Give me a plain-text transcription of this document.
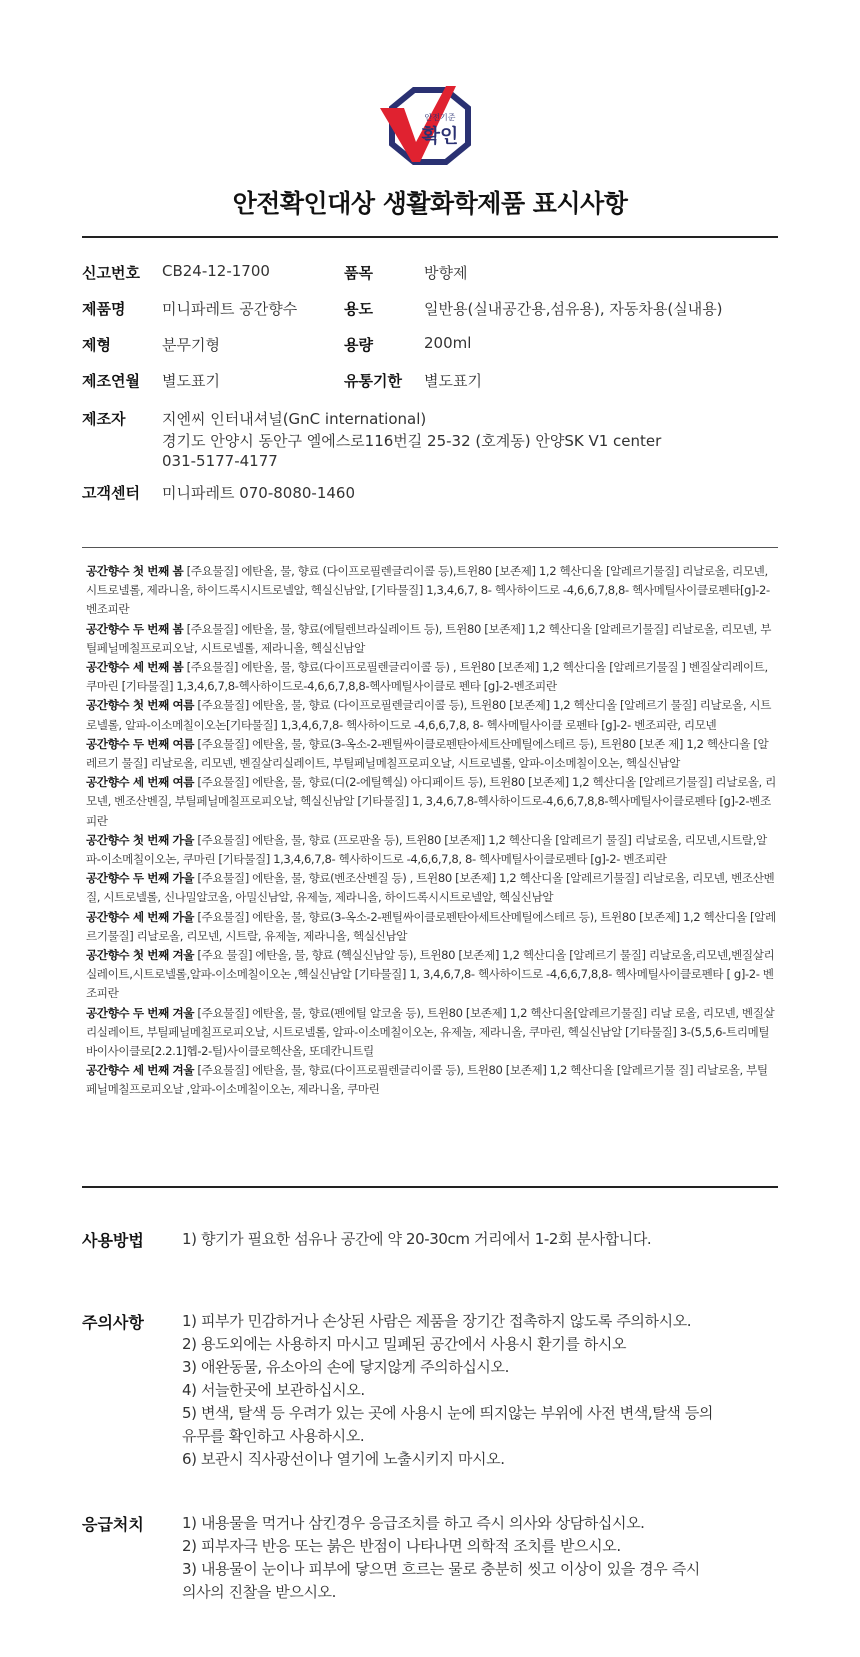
안전기준
확인
안전확인대상 생활화학제품 표시사항
신고번호 CB24-12-1700	품목	방향제
제품명 미니파레트 공간향수	용도	일반용(실내공간용,섬유용), 자동차용(실내용)
제형	분무기형	용량	200ml
제조연월 별도표기	유통기한 별도표기
제조자 지엔씨 인터내셔널(GnC international)
경기도 안양시 동안구 엘에스로116번길 25-32 (호계동) 안양SK V1 center
031-5177-4177
고객센터 미니파레트 070-8080-1460

공간향수 첫 번째 봄 [주요물질] 에탄올, 물, 향료 (다이프로필렌글리이콜 등),트윈80 [보존제] 1,2 헥산디올 [알레르기물질] 리날로올, 리모넨, 시트로넬롤, 제라니올, 하이드록시시트로넬알, 헥실신남알, [기타물질] 1,3,4,6,7, 8- 헥사하이드로 -4,6,6,7,8,8- 헥사메틸사이클로펜타[g]-2- 벤조피란

공간향수 두 번째 봄 [주요물질] 에탄올, 물, 향료(에틸렌브라실레이트 등), 트윈80 [보존제] 1,2 헥산디올 [알레르기물질] 리날로올, 리모넨, 부틸페닐메칠프로피오날, 시트로넬롤, 제라니올, 헥실신남알

공간향수 세 번째 봄 [주요물질] 에탄올, 물, 향료(다이프로필렌글리이콜 등) , 트윈80 [보존제] 1,2 헥산디올 [알레르기물질 ] 벤질살리레이트,쿠마린 [기타물질] 1,3,4,6,7,8-헥사하이드로-4,6,6,7,8,8-헥사메틸사이클로 펜타 [g]-2-벤조피란

공간향수 첫 번째 여름 [주요물질] 에탄올, 물, 향료 (다이프로필렌글리이콜 등), 트윈80 [보존제] 1,2 헥산디올 [알레르기 물질] 리날로올, 시트로넬롤, 알파-이소메칠이오논[기타물질] 1,3,4,6,7,8- 헥사하이드로 -4,6,6,7,8, 8- 헥사메틸사이클 로펜타 [g]-2- 벤조피란, 리모넨

공간향수 두 번째 여름 [주요물질] 에탄올, 물, 향료(3-옥소-2-펜틸싸이클로펜탄아세트산메틸에스테르 등), 트윈80 [보존 제] 1,2 헥산디올 [알레르기 물질] 리날로올, 리모넨, 벤질살리실레이트, 부틸페닐메칠프로피오날, 시트로넬롤, 알파-이소메칠이오논, 헥실신남알

공간향수 세 번째 여름 [주요물질] 에탄올, 물, 향료(디(2-에틸헥실) 아디페이트 등), 트윈80 [보존제] 1,2 헥산디올 [알레르기물질] 리날로올, 리모넨, 벤조산벤질, 부틸페닐메칠프로피오날, 헥실신남알 [기타물질] 1, 3,4,6,7,8-헥사하이드로-4,6,6,7,8,8-헥사메틸사이클로펜타 [g]-2-벤조피란

공간향수 첫 번째 가을 [주요물질] 에탄올, 물, 향료 (프로판올 등), 트윈80 [보존제] 1,2 헥산디올 [알레르기 물질] 리날로올, 리모넨,시트랄,알파-이소메칠이오논, 쿠마린 [기타물질] 1,3,4,6,7,8- 헥사하이드로 -4,6,6,7,8, 8- 헥사메틸사이클로펜타 [g]-2- 벤조피란

공간향수 두 번째 가을 [주요물질] 에탄올, 물, 향료(벤조산벤질 등) , 트윈80 [보존제] 1,2 헥산디올 [알레르기물질] 리날로올, 리모넨, 벤조산벤질, 시트로넬롤, 신나밀알코올, 아밀신남알, 유제놀, 제라니올, 하이드록시시트로넬알, 헥실신남알

공간향수 세 번째 가을 [주요물질] 에탄올, 물, 향료(3-옥소-2-펜틸싸이클로펜탄아세트산메틸에스테르 등), 트윈80 [보존제] 1,2 헥산디올 [알레르기물질] 리날로올, 리모넨, 시트랄, 유제놀, 제라니올, 헥실신남알

공간향수 첫 번째 겨울 [주요 물질] 에탄올, 물, 향료 (헥실신남알 등), 트윈80 [보존제] 1,2 헥산디올 [알레르기 물질] 리날로올,리모넨,벤질살리실레이트,시트로넬롤,알파-이소메칠이오논 ,헥실신남알 [기타물질] 1, 3,4,6,7,8- 헥사하이드로 -4,6,6,7,8,8- 헥사메틸사이클로펜타 [ g]-2- 벤조피란

공간향수 두 번째 겨울 [주요물질] 에탄올, 물, 향료(펜에틸 알코올 등), 트윈80 [보존제] 1,2 헥산디올[알레르기물질] 리날 로올, 리모넨, 벤질살리실레이트, 부틸페닐메칠프로피오날, 시트로넬롤, 알파-이소메칠이오논, 유제놀, 제라니올, 쿠마린, 헥실신남알 [기타물질] 3-(5,5,6-트리메틸바이사이클로[2.2.1]헵-2-틸)사이클로헥산올, 또데칸니트릴

공간향수 세 번째 겨울 [주요물질] 에탄올, 물, 향료(다이프로필렌글리이콜 등), 트윈80 [보존제] 1,2 헥산디올 [알레르기물 질] 리날로올, 부틸페닐메칠프로피오날 ,알파-이소메칠이오논, 제라니올, 쿠마린

사용방법	1) 향기가 필요한 섬유나 공간에 약 20-30cm 거리에서 1-2회 분사합니다.
주의사항	1) 피부가 민감하거나 손상된 사람은 제품을 장기간 접촉하지 않도록 주의하시오.
2) 용도외에는 사용하지 마시고 밀폐된 공간에서 사용시 환기를 하시오
3) 애완동물, 유소아의 손에 닿지않게 주의하십시오.
4) 서늘한곳에 보관하십시오.
5) 변색, 탈색 등 우려가 있는 곳에 사용시 눈에 띄지않는 부위에 사전 변색,탈색 등의
유무를 확인하고 사용하시오.
6) 보관시 직사광선이나 열기에 노출시키지 마시오.
응급처치	1) 내용물을 먹거나 삼킨경우 응급조치를 하고 즉시 의사와 상담하십시오.
2) 피부자극 반응 또는 붉은 반점이 나타나면 의학적 조치를 받으시오.
3) 내용물이 눈이나 피부에 닿으면 흐르는 물로 충분히 씻고 이상이 있을 경우 즉시
의사의 진찰을 받으시오.
